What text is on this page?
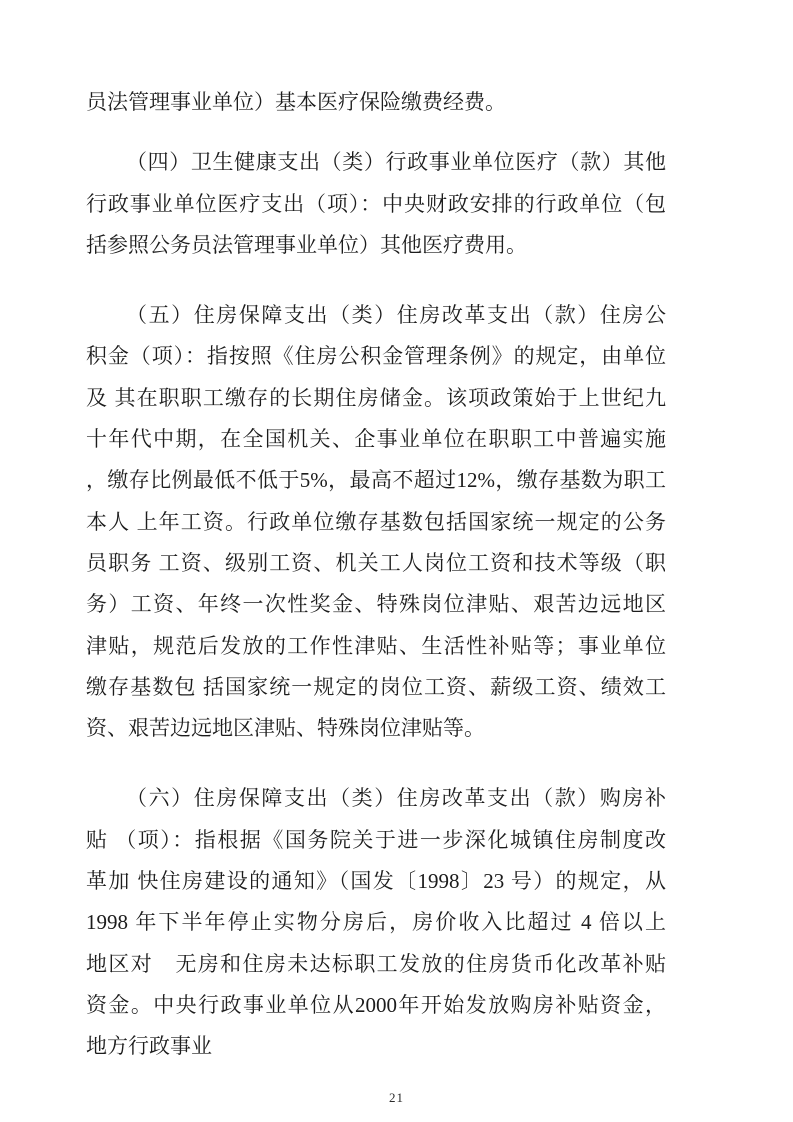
员法管理事业单位）基本医疗保险缴费经费。
（四）卫生健康支出（类）行政事业单位医疗（款）其他
行政事业单位医疗支出（项）：中央财政安排的行政单位（包
括参照公务员法管理事业单位）其他医疗费用。
（五）住房保障支出（类）住房改革支出（款）住房公
积金（项）：指按照《住房公积金管理条例》的规定，由单位
及 其在职职工缴存的长期住房储金。该项政策始于上世纪九
十年代中期，在全国机关、企事业单位在职职工中普遍实施
，缴存比例最低不低于5%，最高不超过12%，缴存基数为职工
本人 上年工资。行政单位缴存基数包括国家统一规定的公务
员职务 工资、级别工资、机关工人岗位工资和技术等级（职
务）工资、年终一次性奖金、特殊岗位津贴、艰苦边远地区
津贴，规范后发放的工作性津贴、生活性补贴等；事业单位
缴存基数包 括国家统一规定的岗位工资、薪级工资、绩效工
资、艰苦边远地区津贴、特殊岗位津贴等。
（六）住房保障支出（类）住房改革支出（款）购房补
贴 （项）：指根据《国务院关于进一步深化城镇住房制度改
革加 快住房建设的通知》（国发〔1998〕23 号）的规定，从
1998 年下半年停止实物分房后，房价收入比超过 4 倍以上
地区对　无房和住房未达标职工发放的住房货币化改革补贴
资金。中央行政事业单位从2000年开始发放购房补贴资金，
地方行政事业
21
